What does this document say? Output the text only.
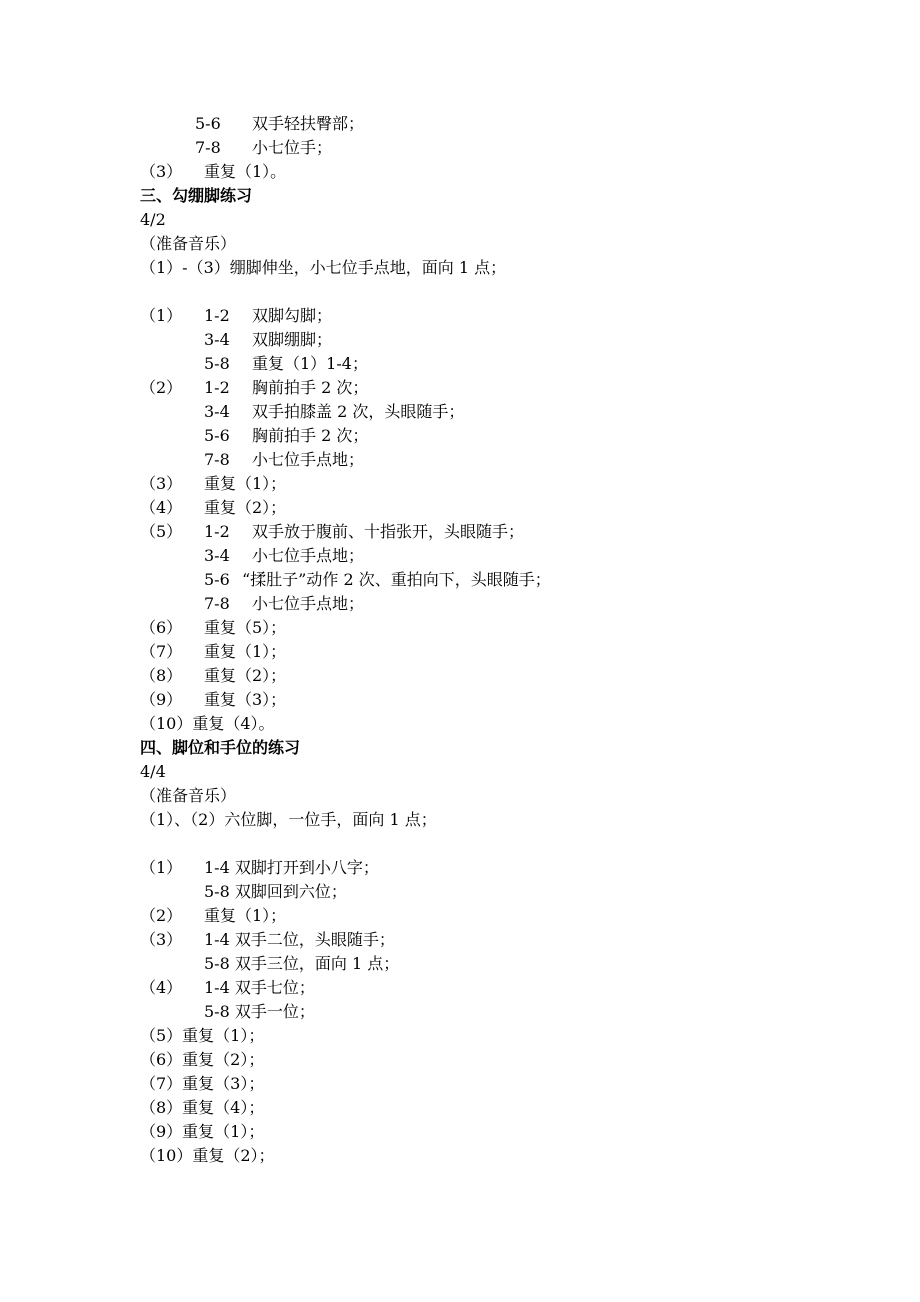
5-6 双手轻扶臀部；
7-8 小七位手；
（3） 重复（1）。
三、勾绷脚练习
4/2
（准备音乐）
（1）-（3）绷脚伸坐，小七位手点地，面向 1 点；
（1） 1-2 双脚勾脚；
3-4 双脚绷脚；
5-8 重复（1）1-4；
（2） 1-2 胸前拍手 2 次；
3-4 双手拍膝盖 2 次，头眼随手；
5-6 胸前拍手 2 次；
7-8 小七位手点地；
（3） 重复（1）；
（4） 重复（2）；
（5） 1-2 双手放于腹前、十指张开，头眼随手；
3-4 小七位手点地；
5-6 “揉肚子”动作 2 次、重拍向下，头眼随手；
7-8 小七位手点地；
（6） 重复（5）；
（7） 重复（1）；
（8） 重复（2）；
（9） 重复（3）；
（10）重复（4）。
四、脚位和手位的练习
4/4
（准备音乐）
（1）、（2）六位脚，一位手，面向 1 点；
（1） 1-4 双脚打开到小八字；
5-8 双脚回到六位；
（2） 重复（1）；
（3） 1-4 双手二位，头眼随手；
5-8 双手三位，面向 1 点；
（4） 1-4 双手七位；
5-8 双手一位；
（5）重复（1）；
（6）重复（2）；
（7）重复（3）；
（8）重复（4）；
（9）重复（1）；
（10）重复（2）；
